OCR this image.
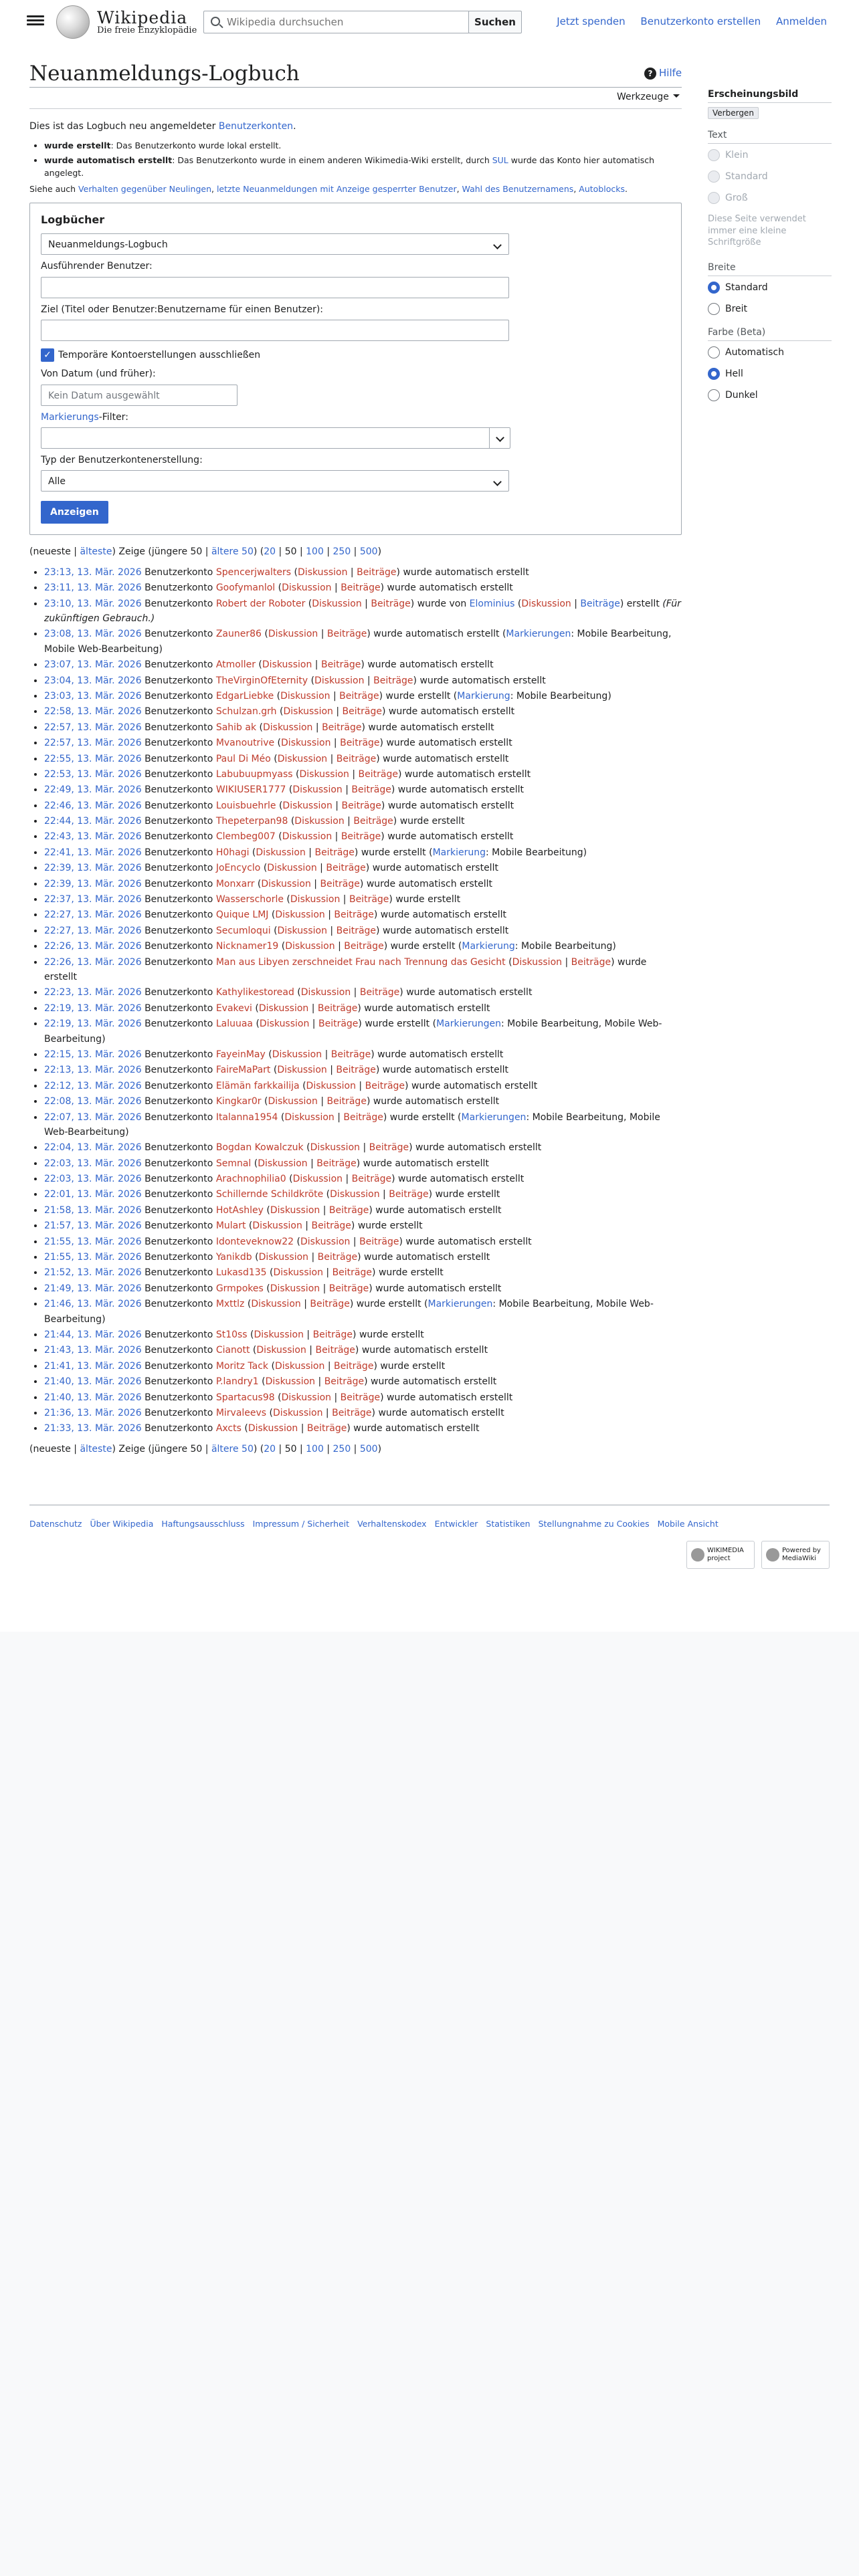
Wikipedia
Die freie Enzyklopädie
Wikipedia durchsuchen
Suchen	Jetzt spenden Benutzerkonto erstellen Anmelden
Neuanmeldungs-Logbuch	? Hilfe
Werkzeuge

Dies ist das Logbuch neu angemeldeter Benutzerkonten.

• wurde erstellt: Das Benutzerkonto wurde lokal erstellt.
• wurde automatisch erstellt: Das Benutzerkonto wurde in einem anderen Wikimedia-Wiki erstellt, durch SUL wurde das Konto hier automatisch angelegt.

Siehe auch Verhalten gegenüber Neulingen, letzte Neuanmeldungen mit Anzeige gesperrter Benutzer, Wahl des Benutzernamens, Autoblocks.

Logbücher
Neuanmeldungs-Logbuch
Ausführender Benutzer:
Ziel (Titel oder Benutzer:Benutzername für einen Benutzer):
✓ Temporäre Kontoerstellungen ausschließen
Von Datum (und früher):
Kein Datum ausgewählt
Markierungs-Filter:
Typ der Benutzerkontenerstellung:
Alle
Anzeigen
(neueste | älteste) Zeige (jüngere 50 | ältere 50) (20 | 50 | 100 | 250 | 500)
• 23:13, 13. Mär. 2026 Benutzerkonto Spencerjwalters (Diskussion | Beiträge) wurde automatisch erstellt
• 23:11, 13. Mär. 2026 Benutzerkonto Goofymanlol (Diskussion | Beiträge) wurde automatisch erstellt
• 23:10, 13. Mär. 2026 Benutzerkonto Robert der Roboter (Diskussion | Beiträge) wurde von Elominius (Diskussion | Beiträge) erstellt (Für zukünftigen Gebrauch.)
• 23:08, 13. Mär. 2026 Benutzerkonto Zauner86 (Diskussion | Beiträge) wurde automatisch erstellt (Markierungen: Mobile Bearbeitung, Mobile Web-Bearbeitung)
• 23:07, 13. Mär. 2026 Benutzerkonto Atmoller (Diskussion | Beiträge) wurde automatisch erstellt
• 23:04, 13. Mär. 2026 Benutzerkonto TheVirginOfEternity (Diskussion | Beiträge) wurde automatisch erstellt
• 23:03, 13. Mär. 2026 Benutzerkonto EdgarLiebke (Diskussion | Beiträge) wurde erstellt (Markierung: Mobile Bearbeitung)
• 22:58, 13. Mär. 2026 Benutzerkonto Schulzan.grh (Diskussion | Beiträge) wurde automatisch erstellt
• 22:57, 13. Mär. 2026 Benutzerkonto Sahib ak (Diskussion | Beiträge) wurde automatisch erstellt
• 22:57, 13. Mär. 2026 Benutzerkonto Mvanoutrive (Diskussion | Beiträge) wurde automatisch erstellt
• 22:55, 13. Mär. 2026 Benutzerkonto Paul Di Méo (Diskussion | Beiträge) wurde automatisch erstellt
• 22:53, 13. Mär. 2026 Benutzerkonto Labubuupmyass (Diskussion | Beiträge) wurde automatisch erstellt
• 22:49, 13. Mär. 2026 Benutzerkonto WIKIUSER1777 (Diskussion | Beiträge) wurde automatisch erstellt
• 22:46, 13. Mär. 2026 Benutzerkonto Louisbuehrle (Diskussion | Beiträge) wurde automatisch erstellt
• 22:44, 13. Mär. 2026 Benutzerkonto Thepeterpan98 (Diskussion | Beiträge) wurde erstellt
• 22:43, 13. Mär. 2026 Benutzerkonto Clembeg007 (Diskussion | Beiträge) wurde automatisch erstellt
• 22:41, 13. Mär. 2026 Benutzerkonto H0hagi (Diskussion | Beiträge) wurde erstellt (Markierung: Mobile Bearbeitung)
• 22:39, 13. Mär. 2026 Benutzerkonto JoEncyclo (Diskussion | Beiträge) wurde automatisch erstellt
• 22:39, 13. Mär. 2026 Benutzerkonto Monxarr (Diskussion | Beiträge) wurde automatisch erstellt
• 22:37, 13. Mär. 2026 Benutzerkonto Wasserschorle (Diskussion | Beiträge) wurde erstellt
• 22:27, 13. Mär. 2026 Benutzerkonto Quique LMJ (Diskussion | Beiträge) wurde automatisch erstellt
• 22:27, 13. Mär. 2026 Benutzerkonto Secumloqui (Diskussion | Beiträge) wurde automatisch erstellt
• 22:26, 13. Mär. 2026 Benutzerkonto Nicknamer19 (Diskussion | Beiträge) wurde erstellt (Markierung: Mobile Bearbeitung)
• 22:26, 13. Mär. 2026 Benutzerkonto Man aus Libyen zerschneidet Frau nach Trennung das Gesicht (Diskussion | Beiträge) wurde erstellt
• 22:23, 13. Mär. 2026 Benutzerkonto Kathylikestoread (Diskussion | Beiträge) wurde automatisch erstellt
• 22:19, 13. Mär. 2026 Benutzerkonto Evakevi (Diskussion | Beiträge) wurde automatisch erstellt
• 22:19, 13. Mär. 2026 Benutzerkonto Laluuaa (Diskussion | Beiträge) wurde erstellt (Markierungen: Mobile Bearbeitung, Mobile Web-Bearbeitung)
• 22:15, 13. Mär. 2026 Benutzerkonto FayeinMay (Diskussion | Beiträge) wurde automatisch erstellt
• 22:13, 13. Mär. 2026 Benutzerkonto FaireMaPart (Diskussion | Beiträge) wurde automatisch erstellt
• 22:12, 13. Mär. 2026 Benutzerkonto Elämän farkkailija (Diskussion | Beiträge) wurde automatisch erstellt
• 22:08, 13. Mär. 2026 Benutzerkonto Kingkar0r (Diskussion | Beiträge) wurde automatisch erstellt
• 22:07, 13. Mär. 2026 Benutzerkonto Italanna1954 (Diskussion | Beiträge) wurde erstellt (Markierungen: Mobile Bearbeitung, Mobile Web-Bearbeitung)
• 22:04, 13. Mär. 2026 Benutzerkonto Bogdan Kowalczuk (Diskussion | Beiträge) wurde automatisch erstellt
• 22:03, 13. Mär. 2026 Benutzerkonto Semnal (Diskussion | Beiträge) wurde automatisch erstellt
• 22:03, 13. Mär. 2026 Benutzerkonto Arachnophilia0 (Diskussion | Beiträge) wurde automatisch erstellt
• 22:01, 13. Mär. 2026 Benutzerkonto Schillernde Schildkröte (Diskussion | Beiträge) wurde erstellt
• 21:58, 13. Mär. 2026 Benutzerkonto HotAshley (Diskussion | Beiträge) wurde automatisch erstellt
• 21:57, 13. Mär. 2026 Benutzerkonto Mulart (Diskussion | Beiträge) wurde erstellt
• 21:55, 13. Mär. 2026 Benutzerkonto Idonteveknow22 (Diskussion | Beiträge) wurde automatisch erstellt
• 21:55, 13. Mär. 2026 Benutzerkonto Yanikdb (Diskussion | Beiträge) wurde automatisch erstellt
• 21:52, 13. Mär. 2026 Benutzerkonto Lukasd135 (Diskussion | Beiträge) wurde erstellt
• 21:49, 13. Mär. 2026 Benutzerkonto Grmpokes (Diskussion | Beiträge) wurde automatisch erstellt
• 21:46, 13. Mär. 2026 Benutzerkonto Mxttlz (Diskussion | Beiträge) wurde erstellt (Markierungen: Mobile Bearbeitung, Mobile Web-Bearbeitung)
• 21:44, 13. Mär. 2026 Benutzerkonto St10ss (Diskussion | Beiträge) wurde erstellt
• 21:43, 13. Mär. 2026 Benutzerkonto Cianott (Diskussion | Beiträge) wurde automatisch erstellt
• 21:41, 13. Mär. 2026 Benutzerkonto Moritz Tack (Diskussion | Beiträge) wurde erstellt
• 21:40, 13. Mär. 2026 Benutzerkonto P.landry1 (Diskussion | Beiträge) wurde automatisch erstellt
• 21:40, 13. Mär. 2026 Benutzerkonto Spartacus98 (Diskussion | Beiträge) wurde automatisch erstellt
• 21:36, 13. Mär. 2026 Benutzerkonto Mirvaleevs (Diskussion | Beiträge) wurde automatisch erstellt
• 21:33, 13. Mär. 2026 Benutzerkonto Axcts (Diskussion | Beiträge) wurde automatisch erstellt
(neueste | älteste) Zeige (jüngere 50 | ältere 50) (20 | 50 | 100 | 250 | 500)
Erscheinungsbild
Verbergen
Text
Klein
Standard
Groß
Diese Seite verwendet immer eine kleine Schriftgröße
Breite
Standard
Breit
Farbe (Beta)
Automatisch
Hell
Dunkel
Datenschutz Über Wikipedia Haftungsausschluss Impressum / Sicherheit Verhaltenskodex Entwickler Statistiken Stellungnahme zu Cookies Mobile Ansicht
WIKIMEDIA project
Powered by MediaWiki
